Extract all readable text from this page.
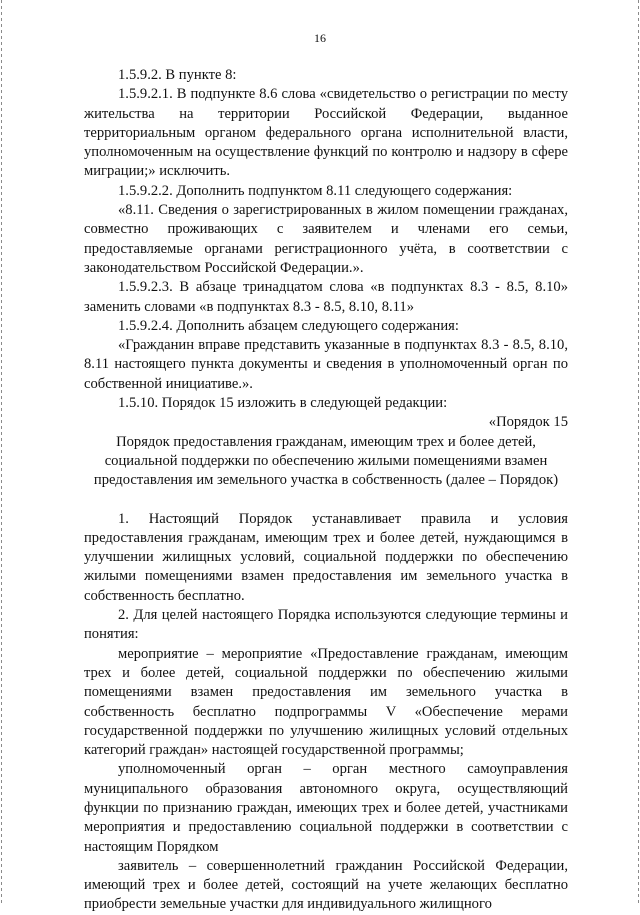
16

1.5.9.2. В пункте 8:

1.5.9.2.1. В подпункте 8.6 слова «свидетельство о регистрации по месту жительства на территории Российской Федерации, выданное территориальным органом федерального органа исполнительной власти, уполномоченным на осуществление функций по контролю и надзору в сфере миграции;» исключить.

1.5.9.2.2. Дополнить подпунктом 8.11 следующего содержания:

«8.11. Сведения о зарегистрированных в жилом помещении гражданах, совместно проживающих с заявителем и членами его семьи, предоставляемые органами регистрационного учёта, в соответствии с законодательством Российской Федерации.».

1.5.9.2.3. В абзаце тринадцатом слова «в подпунктах 8.3 - 8.5, 8.10» заменить словами «в подпунктах 8.3 - 8.5, 8.10, 8.11»

1.5.9.2.4. Дополнить абзацем следующего содержания:

«Гражданин вправе представить указанные в подпунктах 8.3 - 8.5, 8.10, 8.11 настоящего пункта документы и сведения в уполномоченный орган по собственной инициативе.».

1.5.10. Порядок 15 изложить в следующей редакции:

«Порядок 15

Порядок предоставления гражданам, имеющим трех и более детей, социальной поддержки по обеспечению жилыми помещениями взамен предоставления им земельного участка в собственность (далее – Порядок)

1. Настоящий Порядок устанавливает правила и условия предоставления гражданам, имеющим трех и более детей, нуждающимся в улучшении жилищных условий, социальной поддержки по обеспечению жилыми помещениями взамен предоставления им земельного участка в собственность бесплатно.

2. Для целей настоящего Порядка используются следующие термины и понятия:

мероприятие – мероприятие «Предоставление гражданам, имеющим трех и более детей, социальной поддержки по обеспечению жилыми помещениями взамен предоставления им земельного участка в собственность бесплатно подпрограммы V «Обеспечение мерами государственной поддержки по улучшению жилищных условий отдельных категорий граждан» настоящей государственной программы;

уполномоченный орган – орган местного самоуправления муниципального образования автономного округа, осуществляющий функции по признанию граждан, имеющих трех и более детей, участниками мероприятия и предоставлению социальной поддержки в соответствии с настоящим Порядком

заявитель – совершеннолетний гражданин Российской Федерации, имеющий трех и более детей, состоящий на учете желающих бесплатно приобрести земельные участки для индивидуального жилищного
